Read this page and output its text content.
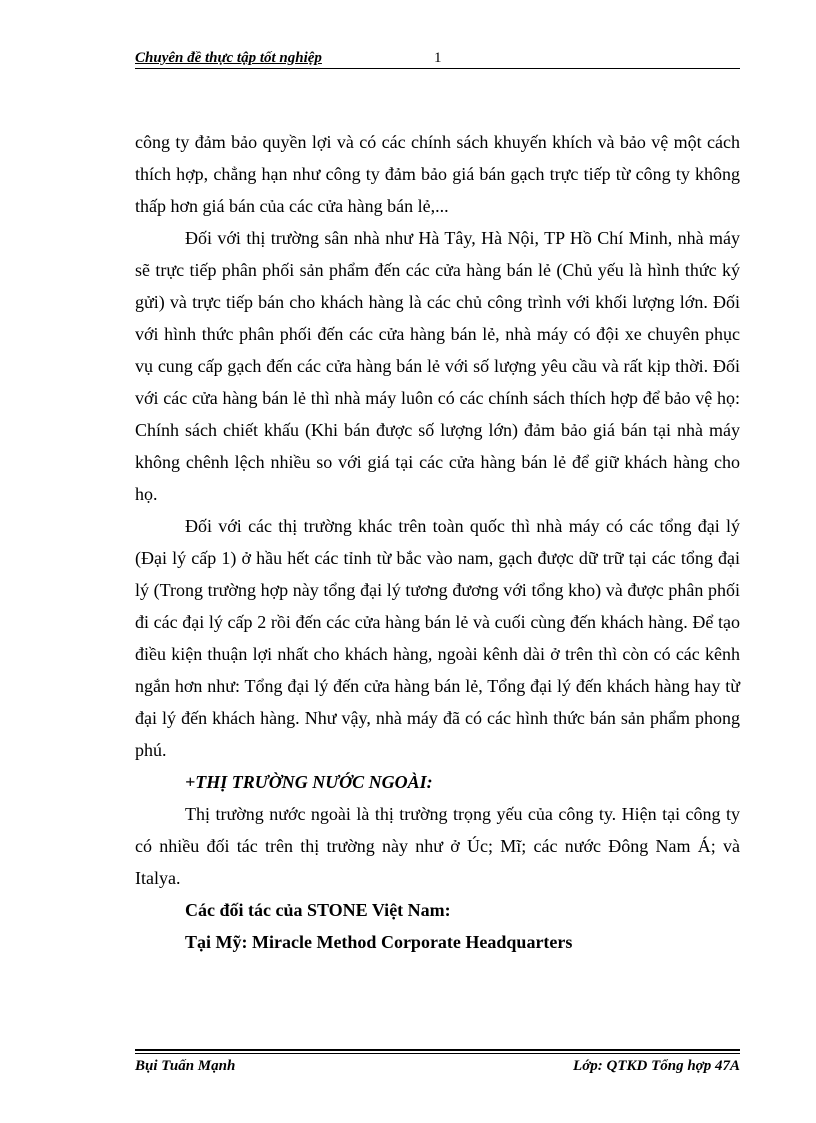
Chuyên đề thực tập tốt nghiệp	1

công ty đảm bảo quyền lợi và có các chính sách khuyến khích và bảo vệ một cách thích hợp, chẳng hạn như công ty đảm bảo giá bán gạch trực tiếp từ công ty không thấp hơn giá bán của các cửa hàng bán lẻ,...

Đối với thị trường sân nhà như Hà Tây, Hà Nội, TP Hồ Chí Minh, nhà máy sẽ trực tiếp phân phối sản phẩm đến các cửa hàng bán lẻ (Chủ yếu là hình thức ký gửi) và trực tiếp bán cho khách hàng là các chủ công trình với khối lượng lớn. Đối với hình thức phân phối đến các cửa hàng bán lẻ, nhà máy có đội xe chuyên phục vụ cung cấp gạch đến các cửa hàng bán lẻ với số lượng yêu cầu và rất kịp thời. Đối với các cửa hàng bán lẻ thì nhà máy luôn có các chính sách thích hợp để bảo vệ họ: Chính sách chiết khấu (Khi bán được số lượng lớn) đảm bảo giá bán tại nhà máy không chênh lệch nhiều so với giá tại các cửa hàng bán lẻ để giữ khách hàng cho họ.

Đối với các thị trường khác trên toàn quốc thì nhà máy có các tổng đại lý (Đại lý cấp 1) ở hầu hết các tỉnh từ bắc vào nam, gạch được dữ trữ tại các tổng đại lý (Trong trường hợp này tổng đại lý tương đương với tổng kho) và được phân phối đi các đại lý cấp 2 rồi đến các cửa hàng bán lẻ và cuối cùng đến khách hàng. Để tạo điều kiện thuận lợi nhất cho khách hàng, ngoài kênh dài ở trên thì còn có các kênh ngắn hơn như: Tổng đại lý đến cửa hàng bán lẻ, Tổng đại lý đến khách hàng hay từ đại lý đến khách hàng. Như vậy, nhà máy đã có các hình thức bán sản phẩm phong phú.

+THỊ TRƯỜNG NƯỚC NGOÀI:

Thị trường nước ngoài là thị trường trọng yếu của công ty. Hiện tại công ty có nhiều đối tác trên thị trường này như ở Úc; Mĩ; các nước Đông Nam Á; và Italya.

Các đối tác của STONE Việt Nam:

Tại Mỹ: Miracle Method Corporate Headquarters

Bụi Tuấn Mạnh	Lớp: QTKD Tổng hợp 47A
